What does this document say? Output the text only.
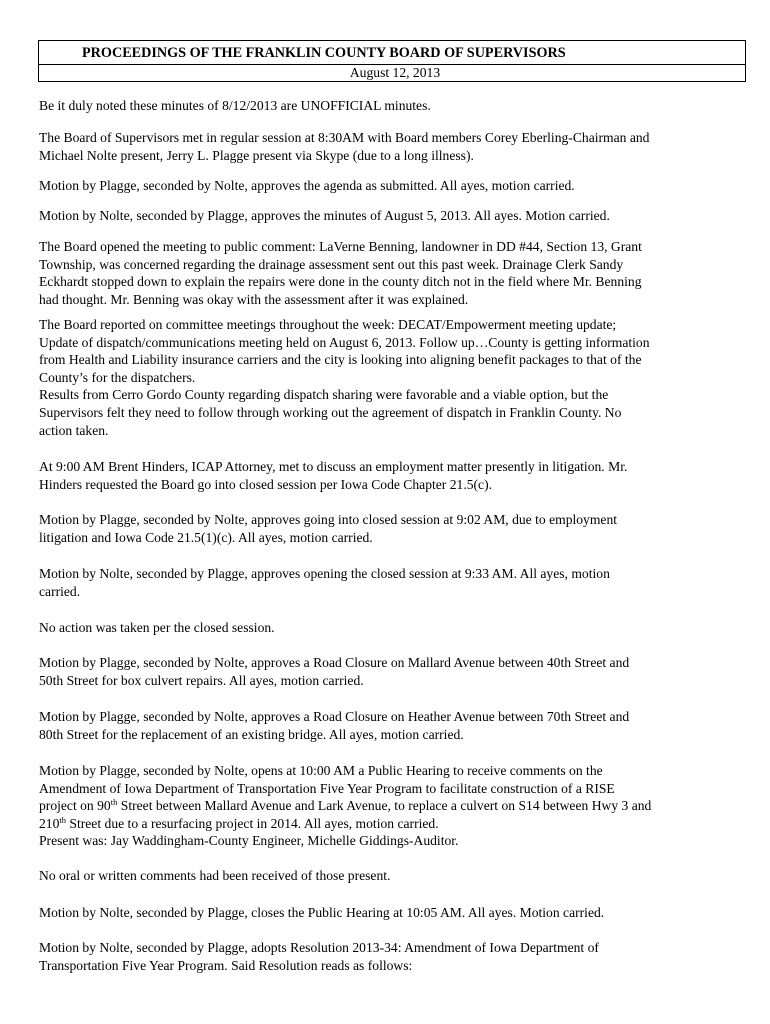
PROCEEDINGS OF THE FRANKLIN COUNTY BOARD OF SUPERVISORS
August 12, 2013
Be it duly noted these minutes of 8/12/2013 are UNOFFICIAL minutes.
The Board of Supervisors met in regular session at 8:30AM with Board members Corey Eberling-Chairman and
Michael Nolte present, Jerry L. Plagge present via Skype (due to a long illness).
Motion by Plagge, seconded by Nolte, approves the agenda as submitted. All ayes, motion carried.
Motion by Nolte, seconded by Plagge, approves the minutes of August 5, 2013. All ayes. Motion carried.
The Board opened the meeting to public comment: LaVerne Benning, landowner in DD #44, Section 13, Grant
Township, was concerned regarding the drainage assessment sent out this past week. Drainage Clerk Sandy
Eckhardt stopped down to explain the repairs were done in the county ditch not in the field where Mr. Benning
had thought. Mr. Benning was okay with the assessment after it was explained.
The Board reported on committee meetings throughout the week: DECAT/Empowerment meeting update;
Update of dispatch/communications meeting held on August 6, 2013. Follow up…County is getting information
from Health and Liability insurance carriers and the city is looking into aligning benefit packages to that of the
County’s for the dispatchers.
Results from Cerro Gordo County regarding dispatch sharing were favorable and a viable option, but the
Supervisors felt they need to follow through working out the agreement of dispatch in Franklin County. No
action taken.
At 9:00 AM Brent Hinders, ICAP Attorney, met to discuss an employment matter presently in litigation. Mr.
Hinders requested the Board go into closed session per Iowa Code Chapter 21.5(c).
Motion by Plagge, seconded by Nolte, approves going into closed session at 9:02 AM, due to employment
litigation and Iowa Code 21.5(1)(c). All ayes, motion carried.
Motion by Nolte, seconded by Plagge, approves opening the closed session at 9:33 AM. All ayes, motion
carried.
No action was taken per the closed session.
Motion by Plagge, seconded by Nolte, approves a Road Closure on Mallard Avenue between 40th Street and
50th Street for box culvert repairs. All ayes, motion carried.
Motion by Plagge, seconded by Nolte, approves a Road Closure on Heather Avenue between 70th Street and
80th Street for the replacement of an existing bridge. All ayes, motion carried.
Motion by Plagge, seconded by Nolte, opens at 10:00 AM a Public Hearing to receive comments on the
Amendment of Iowa Department of Transportation Five Year Program to facilitate construction of a RISE
project on 90th Street between Mallard Avenue and Lark Avenue, to replace a culvert on S14 between Hwy 3 and
210th Street due to a resurfacing project in 2014. All ayes, motion carried.
Present was: Jay Waddingham-County Engineer, Michelle Giddings-Auditor.
No oral or written comments had been received of those present.
Motion by Nolte, seconded by Plagge, closes the Public Hearing at 10:05 AM. All ayes. Motion carried.
Motion by Nolte, seconded by Plagge, adopts Resolution 2013-34: Amendment of Iowa Department of
Transportation Five Year Program. Said Resolution reads as follows:
